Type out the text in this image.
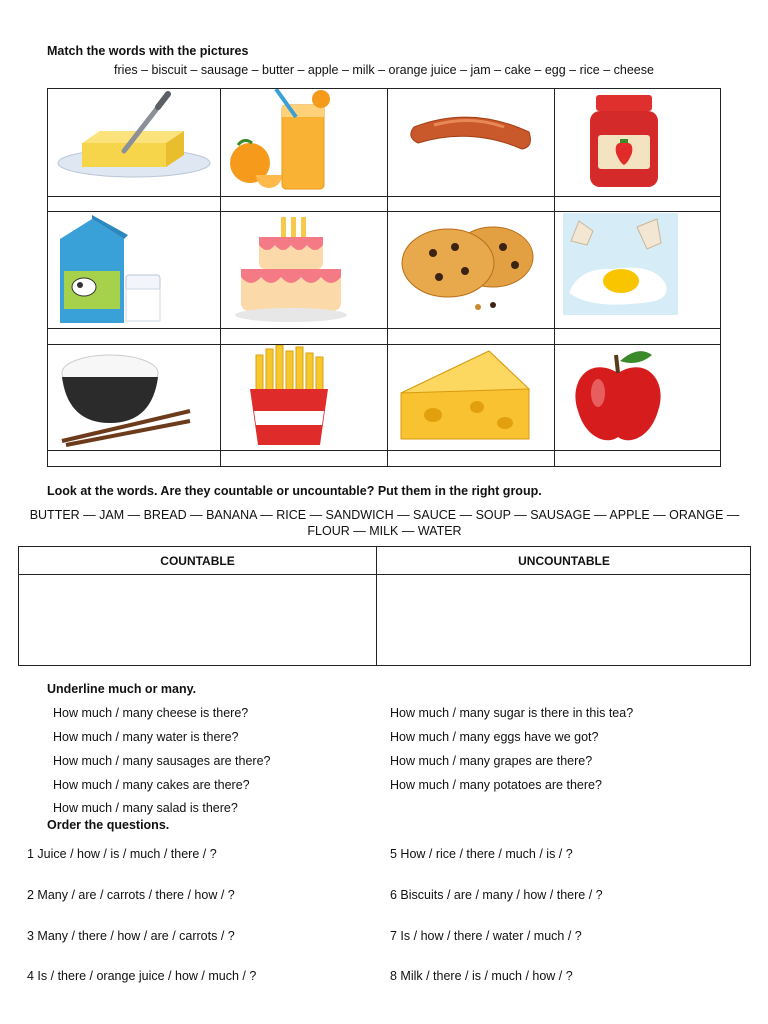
Match the words with the pictures
fries – biscuit – sausage – butter – apple – milk – orange juice – jam – cake – egg – rice – cheese
Look at the words. Are they countable or uncountable? Put them in the right group.
BUTTER — JAM — BREAD — BANANA — RICE — SANDWICH — SAUCE — SOUP — SAUSAGE — APPLE — ORANGE —
FLOUR — MILK — WATER
COUNTABLE	UNCOUNTABLE
Underline much or many.
How much / many cheese is there?
How much / many water is there?
How much / many sausages are there?
How much / many cakes are there?
How much / many salad is there?
How much / many sugar is there in this tea?
How much / many eggs have we got?
How much / many grapes are there?
How much / many potatoes are there?
Order the questions.
1 Juice / how / is / much / there / ?
2 Many / are / carrots / there / how / ?
3 Many / there / how / are / carrots / ?
4 Is / there / orange juice / how / much / ?
5 How / rice / there / much / is / ?
6 Biscuits / are / many / how / there / ?
7 Is / how / there / water / much / ?
8 Milk / there / is / much / how / ?
